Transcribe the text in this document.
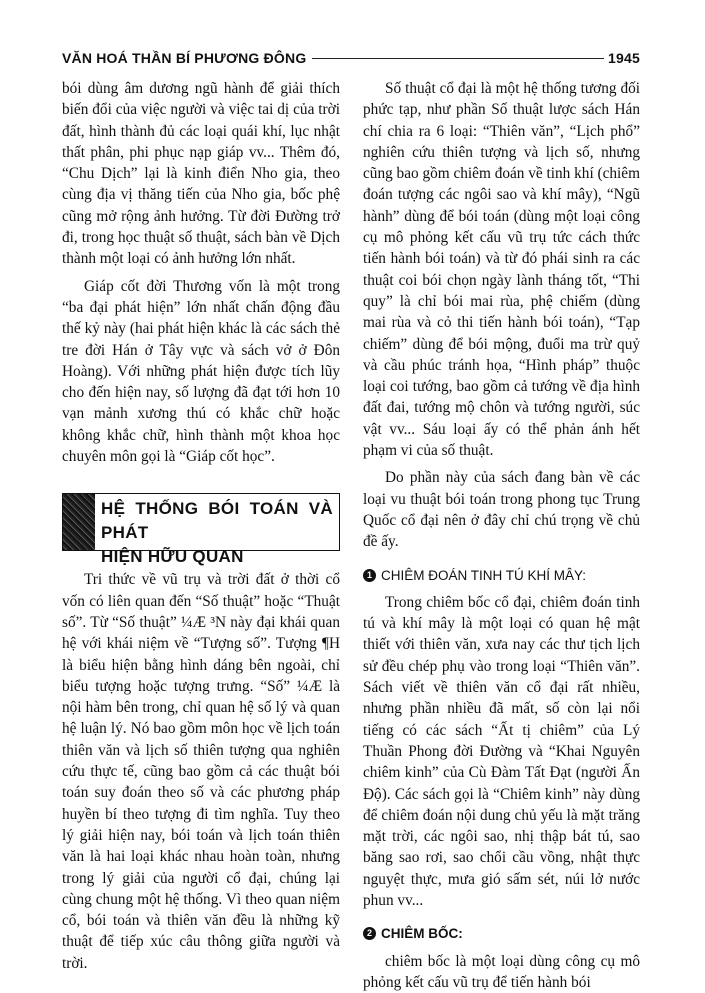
VĂN HOÁ THẦN BÍ PHƯƠNG ĐÔNG	1945

bói dùng âm dương ngũ hành để giải thích biến đổi của việc người và việc tai dị của trời đất, hình thành đủ các loại quái khí, lục nhật thất phân, phi phục nạp giáp vv... Thêm đó, “Chu Dịch” lại là kinh điển Nho gia, theo cùng địa vị thăng tiến của Nho gia, bốc phệ cũng mở rộng ảnh hưởng. Từ đời Đường trở đi, trong học thuật số thuật, sách bàn về Dịch thành một loại có ảnh hưởng lớn nhất.

Giáp cốt đời Thương vốn là một trong “ba đại phát hiện” lớn nhất chấn động đầu thế kỷ này (hai phát hiện khác là các sách thẻ tre đời Hán ở Tây vực và sách vở ở Đôn Hoàng). Với những phát hiện được tích lũy cho đến hiện nay, số lượng đã đạt tới hơn 10 vạn mảnh xương thú có khắc chữ hoặc không khắc chữ, hình thành một khoa học chuyên môn gọi là “Giáp cốt học”.

HỆ THỐNG BÓI TOÁN VÀ PHÁT
HIỆN HỮU QUAN

Tri thức về vũ trụ và trời đất ở thời cổ vốn có liên quan đến “Số thuật” hoặc “Thuật số”. Từ “Số thuật” ¼Æ ³N này đại khái quan hệ với khái niệm về “Tượng số”. Tượng ¶H là biểu hiện bằng hình dáng bên ngoài, chỉ biểu tượng hoặc tượng trưng. “Số” ¼Æ là nội hàm bên trong, chỉ quan hệ số lý và quan hệ luận lý. Nó bao gồm môn học về lịch toán thiên văn và lịch số thiên tượng qua nghiên cứu thực tế, cũng bao gồm cả các thuật bói toán suy đoán theo số và các phương pháp huyền bí theo tượng đi tìm nghĩa. Tuy theo lý giải hiện nay, bói toán và lịch toán thiên văn là hai loại khác nhau hoàn toàn, nhưng trong lý giải của người cổ đại, chúng lại cùng chung một hệ thống. Vì theo quan niệm cổ, bói toán và thiên văn đều là những kỹ thuật để tiếp xúc câu thông giữa người và trời.

Số thuật cổ đại là một hệ thống tương đối phức tạp, như phần Số thuật lược sách Hán chí chia ra 6 loại: “Thiên văn”, “Lịch phổ” nghiên cứu thiên tượng và lịch số, nhưng cũng bao gồm chiêm đoán về tinh khí (chiêm đoán tượng các ngôi sao và khí mây), “Ngũ hành” dùng để bói toán (dùng một loại công cụ mô phỏng kết cấu vũ trụ tức cách thức tiến hành bói toán) và từ đó phái sinh ra các thuật coi bói chọn ngày lành tháng tốt, “Thi quy” là chỉ bói mai rùa, phệ chiếm (dùng mai rùa và cỏ thi tiến hành bói toán), “Tạp chiếm” dùng để bói mộng, đuổi ma trừ quỷ và cầu phúc tránh họa, “Hình pháp” thuộc loại coi tướng, bao gồm cả tướng về địa hình đất đai, tướng mộ chôn và tướng người, súc vật vv... Sáu loại ấy có thể phản ánh hết phạm vi của số thuật.

Do phần này của sách đang bàn về các loại vu thuật bói toán trong phong tục Trung Quốc cổ đại nên ở đây chỉ chú trọng về chủ đề ấy.

1 CHIÊM ĐOÁN TINH TÚ KHÍ MÂY:

Trong chiêm bốc cổ đại, chiêm đoán tinh tú và khí mây là một loại có quan hệ mật thiết với thiên văn, xưa nay các thư tịch lịch sử đều chép phụ vào trong loại “Thiên văn”. Sách viết về thiên văn cổ đại rất nhiều, nhưng phần nhiều đã mất, số còn lại nổi tiếng có các sách “Ất tị chiêm” của Lý Thuần Phong đời Đường và “Khai Nguyên chiêm kinh” của Cù Đàm Tất Đạt (người Ấn Độ). Các sách gọi là “Chiêm kinh” này dùng để chiêm đoán nội dung chủ yếu là mặt trăng mặt trời, các ngôi sao, nhị thập bát tú, sao băng sao rơi, sao chổi cầu vồng, nhật thực nguyệt thực, mưa gió sấm sét, núi lở nước phun vv...

2 CHIÊM BỐC:

chiêm bốc là một loại dùng công cụ mô phỏng kết cấu vũ trụ để tiến hành bói
